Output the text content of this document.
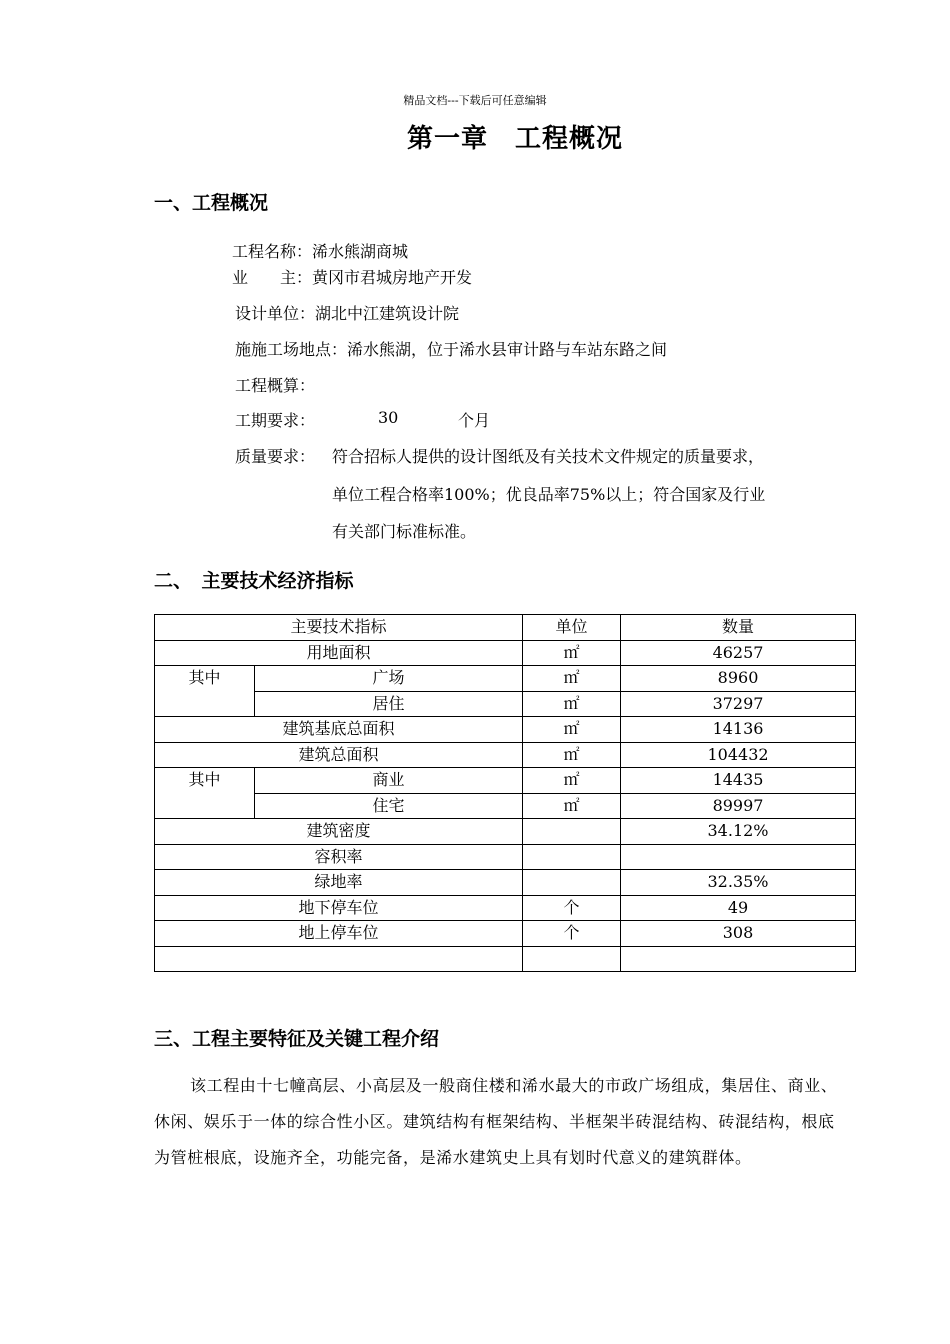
精品文档---下载后可任意编辑
第一章　工程概况
一、工程概况
工程名称：浠水熊湖商城
业　　主：黄冈市君城房地产开发
设计单位：湖北中江建筑设计院
施施工场地点：浠水熊湖，位于浠水县审计路与车站东路之间
工程概算：
工期要求：	30	个月
质量要求： 符合招标人提供的设计图纸及有关技术文件规定的质量要求，
单位工程合格率100%；优良品率75%以上；符合国家及行业
有关部门标准标准。
二、　主要技术经济指标
主要技术指标		单位	数量
用地面积		㎡	46257
其中	广场	㎡	8960
	居住	㎡	37297
建筑基底总面积		㎡	14136
建筑总面积		㎡	104432
其中	商业	㎡	14435
	住宅	㎡	89997
建筑密度			34.12%
容积率			
绿地率			32.35%
地下停车位		个	49
地上停车位		个	308

三、工程主要特征及关键工程介绍
该工程由十七幢高层、小高层及一般商住楼和浠水最大的市政广场组成，集居住、商业、休闲、娱乐于一体的综合性小区。建筑结构有框架结构、半框架半砖混结构、砖混结构，根底为管桩根底，设施齐全，功能完备，是浠水建筑史上具有划时代意义的建筑群体。
